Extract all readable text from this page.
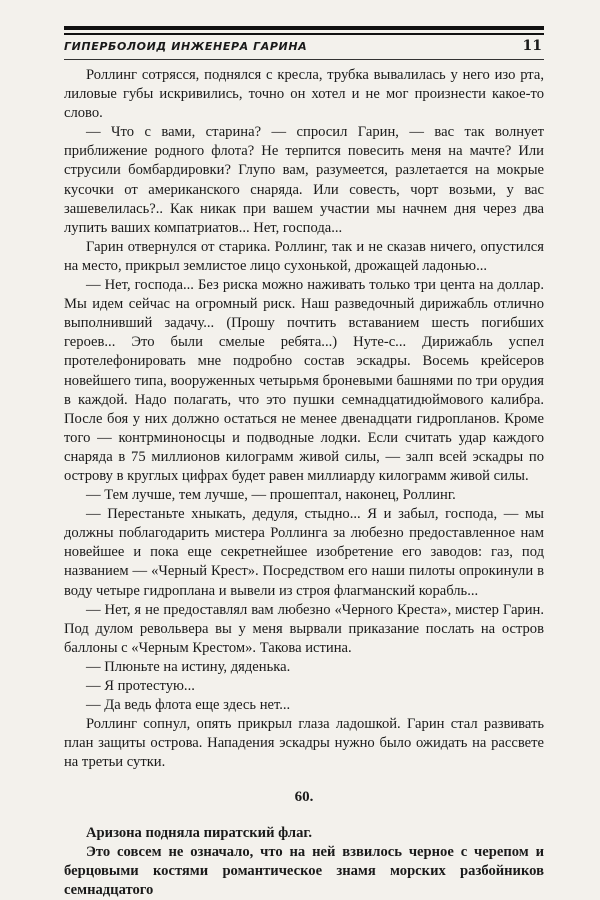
ГИПЕРБОЛОИД ИНЖЕНЕРА ГАРИНА	11

Роллинг сотрясся, поднялся с кресла, трубка вывалилась у него изо рта, лиловые губы искривились, точно он хотел и не мог произнести какое-то слово.

— Что с вами, старина? — спросил Гарин, — вас так волнует приближение родного флота? Не терпится повесить меня на мачте? Или струсили бомбардировки? Глупо вам, разумеется, разлетается на мокрые кусочки от американского снаряда. Или совесть, чорт возьми, у вас зашевелилась?.. Как никак при вашем участии мы начнем дня через два лупить ваших компатриатов... Нет, господа...

Гарин отвернулся от старика. Роллинг, так и не сказав ничего, опустился на место, прикрыл землистое лицо сухонькой, дрожащей ладонью...

— Нет, господа... Без риска можно наживать только три цента на доллар. Мы идем сейчас на огромный риск. Наш разведочный дирижабль отлично выполнивший задачу... (Прошу почтить вставанием шесть погибших героев... Это были смелые ребята...) Нуте-с... Дирижабль успел протелефонировать мне подробно состав эскадры. Восемь крейсеров новейшего типа, вооруженных четырьмя броневыми башнями по три орудия в каждой. Надо полагать, что это пушки семнадцатидюймового калибра. После боя у них должно остаться не менее двенадцати гидропланов. Кроме того — контрминоносцы и подводные лодки. Если считать удар каждого снаряда в 75 миллионов килограмм живой силы, — залп всей эскадры по острову в круглых цифрах будет равен миллиарду килограмм живой силы.

— Тем лучше, тем лучше, — прошептал, наконец, Роллинг.

— Перестаньте хныкать, дедуля, стыдно... Я и забыл, господа, — мы должны поблагодарить мистера Роллинга за любезно предоставленное нам новейшее и пока еще секретнейшее изобретение его заводов: газ, под названием — «Черный Крест». Посредством его наши пилоты опрокинули в воду четыре гидроплана и вывели из строя флагманский корабль...

— Нет, я не предоставлял вам любезно «Черного Креста», мистер Гарин. Под дулом револьвера вы у меня вырвали приказание послать на остров баллоны с «Черным Крестом». Такова истина.

— Плюньте на истину, дяденька.

— Я протестую...

— Да ведь флота еще здесь нет...

Роллинг сопнул, опять прикрыл глаза ладошкой. Гарин стал развивать план защиты острова. Нападения эскадры нужно было ожидать на рассвете на третьи сутки.

60.

Аризона подняла пиратский флаг.

Это совсем не означало, что на ней взвилось черное с черепом и берцовыми костями романтическое знамя морских разбойников семнадцатого
